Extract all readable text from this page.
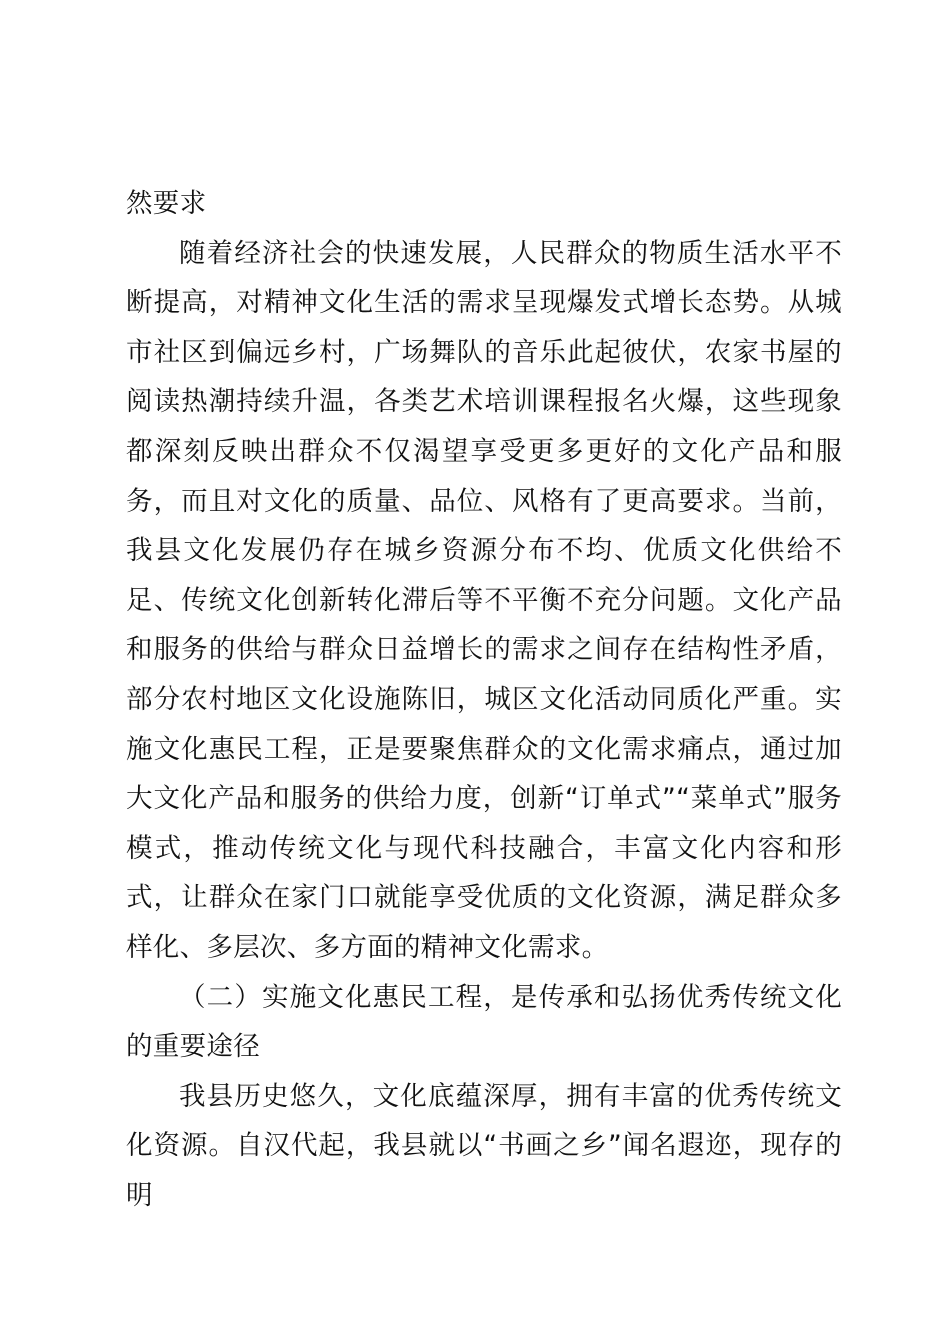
然要求

随着经济社会的快速发展，人民群众的物质生活水平不断提高，对精神文化生活的需求呈现爆发式增长态势。从城市社区到偏远乡村，广场舞队的音乐此起彼伏，农家书屋的阅读热潮持续升温，各类艺术培训课程报名火爆，这些现象都深刻反映出群众不仅渴望享受更多更好的文化产品和服务，而且对文化的质量、品位、风格有了更高要求。当前，我县文化发展仍存在城乡资源分布不均、优质文化供给不足、传统文化创新转化滞后等不平衡不充分问题。文化产品和服务的供给与群众日益增长的需求之间存在结构性矛盾，部分农村地区文化设施陈旧，城区文化活动同质化严重。实施文化惠民工程，正是要聚焦群众的文化需求痛点，通过加大文化产品和服务的供给力度，创新“订单式”“菜单式”服务模式，推动传统文化与现代科技融合，丰富文化内容和形式，让群众在家门口就能享受优质的文化资源，满足群众多样化、多层次、多方面的精神文化需求。

（二）实施文化惠民工程，是传承和弘扬优秀传统文化的重要途径

我县历史悠久，文化底蕴深厚，拥有丰富的优秀传统文化资源。自汉代起，我县就以“书画之乡”闻名遐迩，现存的明
